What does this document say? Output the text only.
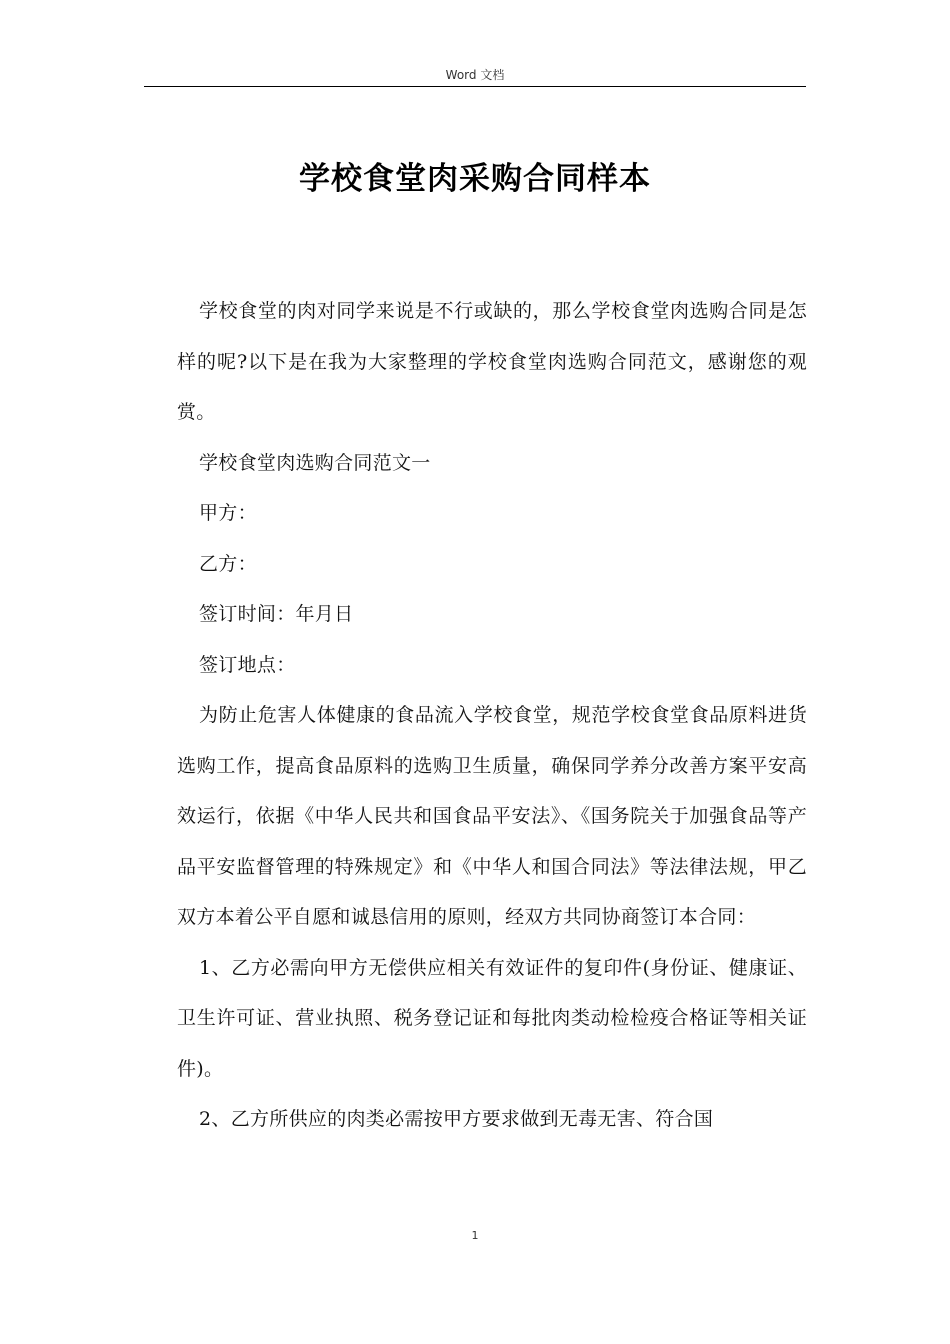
Word 文档
学校食堂肉采购合同样本

学校食堂的肉对同学来说是不行或缺的，那么学校食堂肉选购合同是怎样的呢?以下是在我为大家整理的学校食堂肉选购合同范文，感谢您的观赏。

学校食堂肉选购合同范文一

甲方：

乙方：

签订时间：年月日

签订地点：

为防止危害人体健康的食品流入学校食堂，规范学校食堂食品原料进货选购工作，提高食品原料的选购卫生质量，确保同学养分改善方案平安高效运行，依据《中华人民共和国食品平安法》、《国务院关于加强食品等产品平安监督管理的特殊规定》和《中华人和国合同法》等法律法规，甲乙双方本着公平自愿和诚恳信用的原则，经双方共同协商签订本合同：

1、乙方必需向甲方无偿供应相关有效证件的复印件(身份证、健康证、卫生许可证、营业执照、税务登记证和每批肉类动检检疫合格证等相关证件)。

2、乙方所供应的肉类必需按甲方要求做到无毒无害、符合国

1
